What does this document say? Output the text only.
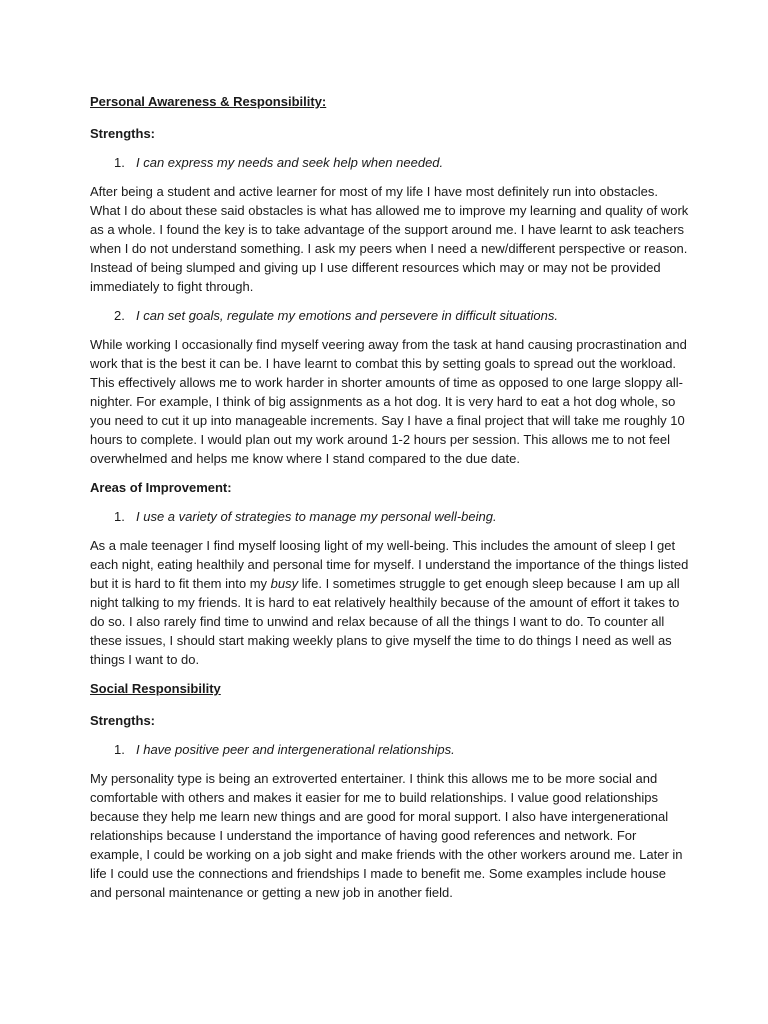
Personal Awareness & Responsibility:
Strengths:
1. I can express my needs and seek help when needed.
After being a student and active learner for most of my life I have most definitely run into obstacles. What I do about these said obstacles is what has allowed me to improve my learning and quality of work as a whole. I found the key is to take advantage of the support around me. I have learnt to ask teachers when I do not understand something. I ask my peers when I need a new/different perspective or reason. Instead of being slumped and giving up I use different resources which may or may not be provided immediately to fight through.
2. I can set goals, regulate my emotions and persevere in difficult situations.
While working I occasionally find myself veering away from the task at hand causing procrastination and work that is the best it can be. I have learnt to combat this by setting goals to spread out the workload. This effectively allows me to work harder in shorter amounts of time as opposed to one large sloppy all-nighter. For example, I think of big assignments as a hot dog. It is very hard to eat a hot dog whole, so you need to cut it up into manageable increments. Say I have a final project that will take me roughly 10 hours to complete. I would plan out my work around 1-2 hours per session. This allows me to not feel overwhelmed and helps me know where I stand compared to the due date.
Areas of Improvement:
1. I use a variety of strategies to manage my personal well-being.
As a male teenager I find myself loosing light of my well-being. This includes the amount of sleep I get each night, eating healthily and personal time for myself. I understand the importance of the things listed but it is hard to fit them into my busy life. I sometimes struggle to get enough sleep because I am up all night talking to my friends. It is hard to eat relatively healthily because of the amount of effort it takes to do so. I also rarely find time to unwind and relax because of all the things I want to do. To counter all these issues, I should start making weekly plans to give myself the time to do things I need as well as things I want to do.
Social Responsibility
Strengths:
1. I have positive peer and intergenerational relationships.
My personality type is being an extroverted entertainer. I think this allows me to be more social and comfortable with others and makes it easier for me to build relationships. I value good relationships because they help me learn new things and are good for moral support. I also have intergenerational relationships because I understand the importance of having good references and network. For example, I could be working on a job sight and make friends with the other workers around me. Later in life I could use the connections and friendships I made to benefit me. Some examples include house and personal maintenance or getting a new job in another field.
